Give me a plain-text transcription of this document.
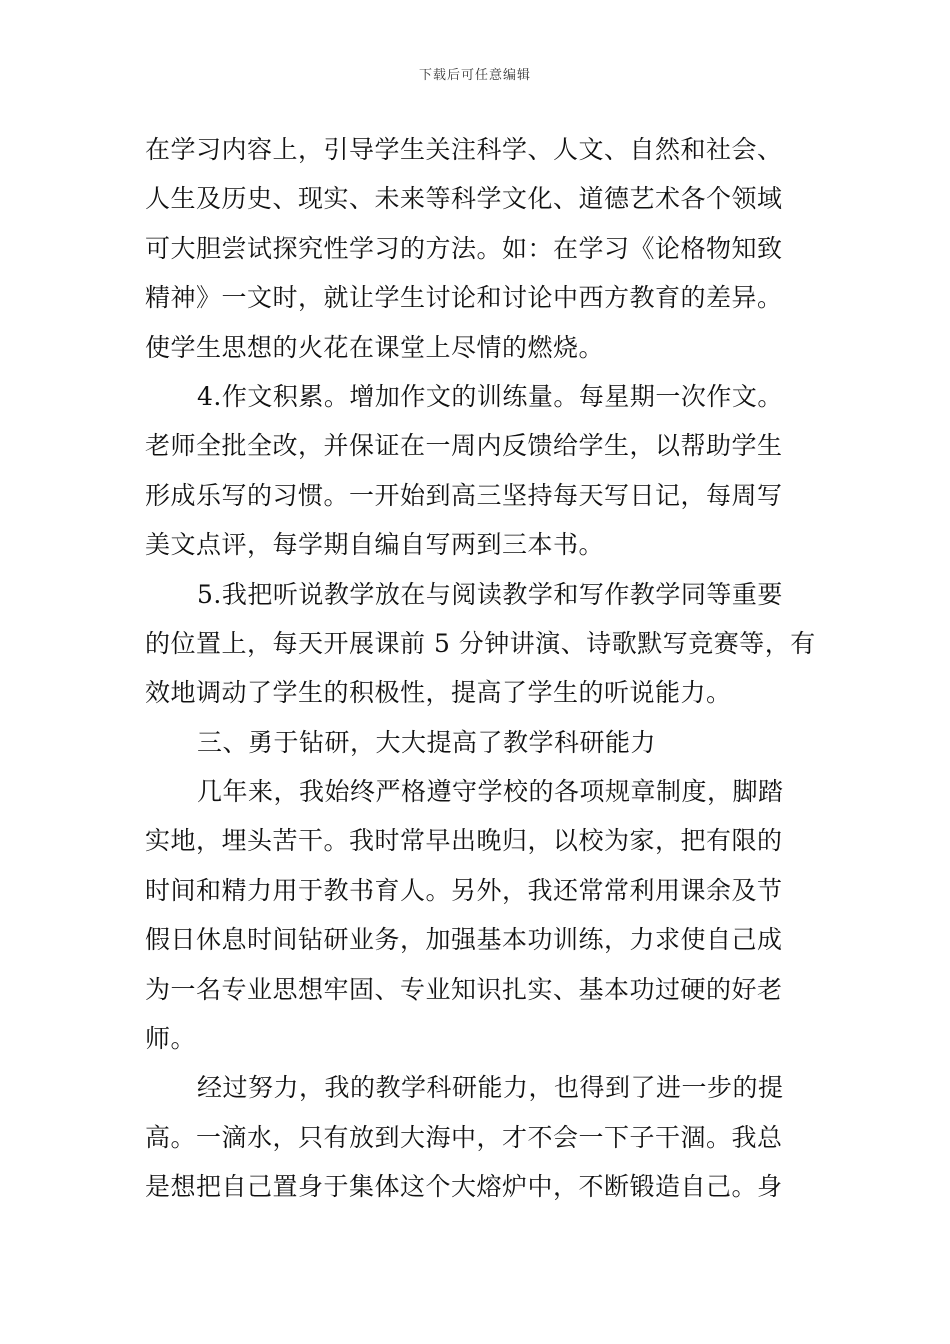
下载后可任意编辑
在学习内容上，引导学生关注科学、人文、自然和社会、
人生及历史、现实、未来等科学文化、道德艺术各个领域
可大胆尝试探究性学习的方法。如：在学习《论格物知致
精神》一文时，就让学生讨论和讨论中西方教育的差异。
使学生思想的火花在课堂上尽情的燃烧。
4.作文积累。增加作文的训练量。每星期一次作文。
老师全批全改，并保证在一周内反馈给学生，以帮助学生
形成乐写的习惯。一开始到高三坚持每天写日记，每周写
美文点评，每学期自编自写两到三本书。
5.我把听说教学放在与阅读教学和写作教学同等重要
的位置上，每天开展课前 5 分钟讲演、诗歌默写竞赛等，有
效地调动了学生的积极性，提高了学生的听说能力。
三、勇于钻研，大大提高了教学科研能力
几年来，我始终严格遵守学校的各项规章制度，脚踏
实地，埋头苦干。我时常早出晚归，以校为家，把有限的
时间和精力用于教书育人。另外，我还常常利用课余及节
假日休息时间钻研业务，加强基本功训练，力求使自己成
为一名专业思想牢固、专业知识扎实、基本功过硬的好老
师。
经过努力，我的教学科研能力，也得到了进一步的提
高。一滴水，只有放到大海中，才不会一下子干涸。我总
是想把自己置身于集体这个大熔炉中，不断锻造自己。身
